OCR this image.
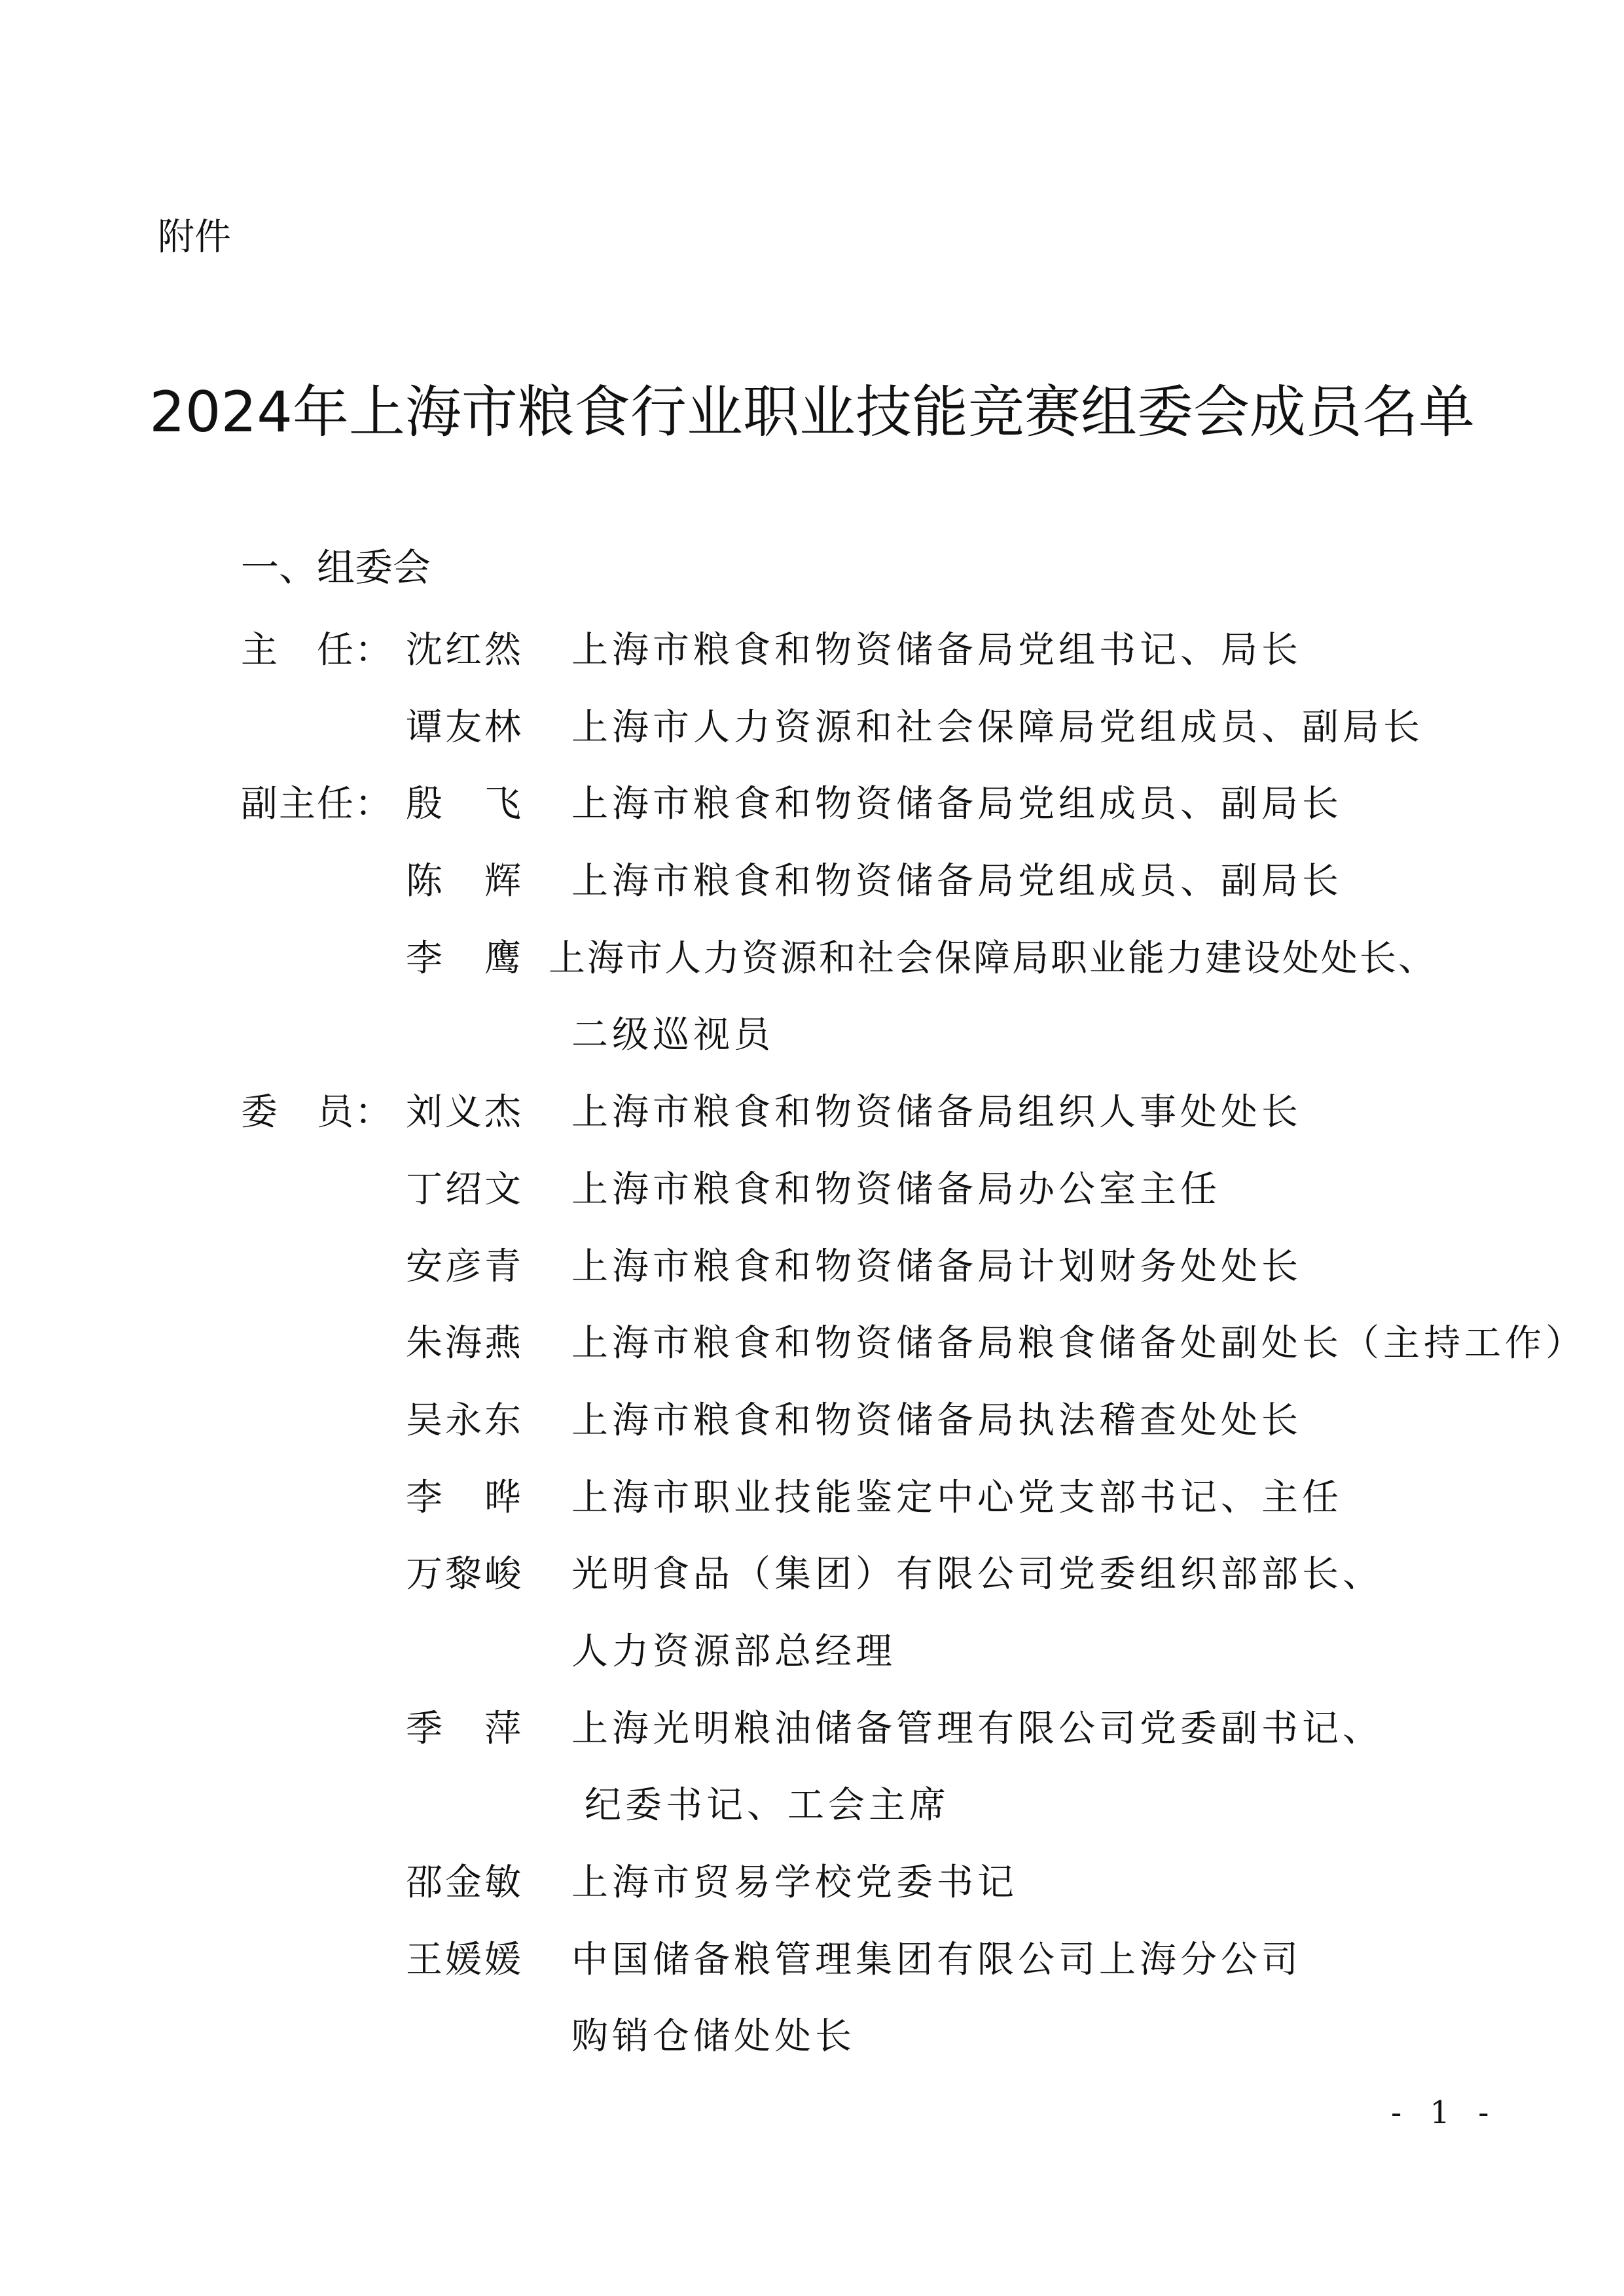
附件
2024年上海市粮食行业职业技能竞赛组委会成员名单
一、组委会
主　任： 沈红然 上海市粮食和物资储备局党组书记、局长
谭友林 上海市人力资源和社会保障局党组成员、副局长
副主任： 殷　飞 上海市粮食和物资储备局党组成员、副局长
陈　辉 上海市粮食和物资储备局党组成员、副局长
李　鹰 上海市人力资源和社会保障局职业能力建设处处长、
二级巡视员
委　员： 刘义杰 上海市粮食和物资储备局组织人事处处长
丁绍文 上海市粮食和物资储备局办公室主任
安彦青 上海市粮食和物资储备局计划财务处处长
朱海燕 上海市粮食和物资储备局粮食储备处副处长（主持工作）
吴永东 上海市粮食和物资储备局执法稽查处处长
李　晔 上海市职业技能鉴定中心党支部书记、主任
万黎峻 光明食品（集团）有限公司党委组织部部长、
人力资源部总经理
季　萍 上海光明粮油储备管理有限公司党委副书记、
纪委书记、工会主席
邵金敏 上海市贸易学校党委书记
王媛媛 中国储备粮管理集团有限公司上海分公司
购销仓储处处长
- 1 -
